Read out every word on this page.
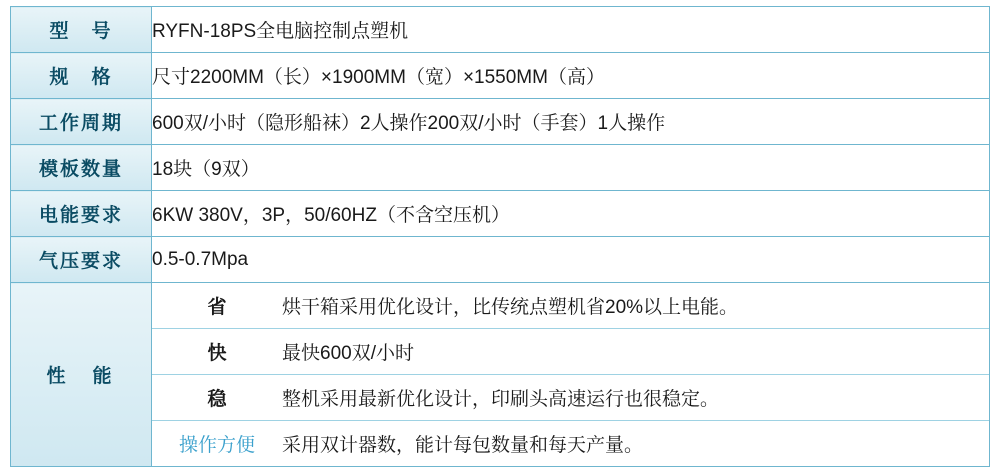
型　号	RYFN-18PS全电脑控制点塑机
规　格	尺寸2200MM（长）×1900MM（宽）×1550MM（高）
工作周期	600双/小时（隐形船袜）2人操作200双/小时（手套）1人操作
模板数量	18块（9双）
电能要求	6KW 380V，3P，50/60HZ（不含空压机）
气压要求	0.5-0.7Mpa
性　能	
省	烘干箱采用优化设计，比传统点塑机省20%以上电能。
快	最快600双/小时
稳	整机采用最新优化设计，印刷头高速运行也很稳定。
操作方便	采用双计器数，能计每包数量和每天产量。
